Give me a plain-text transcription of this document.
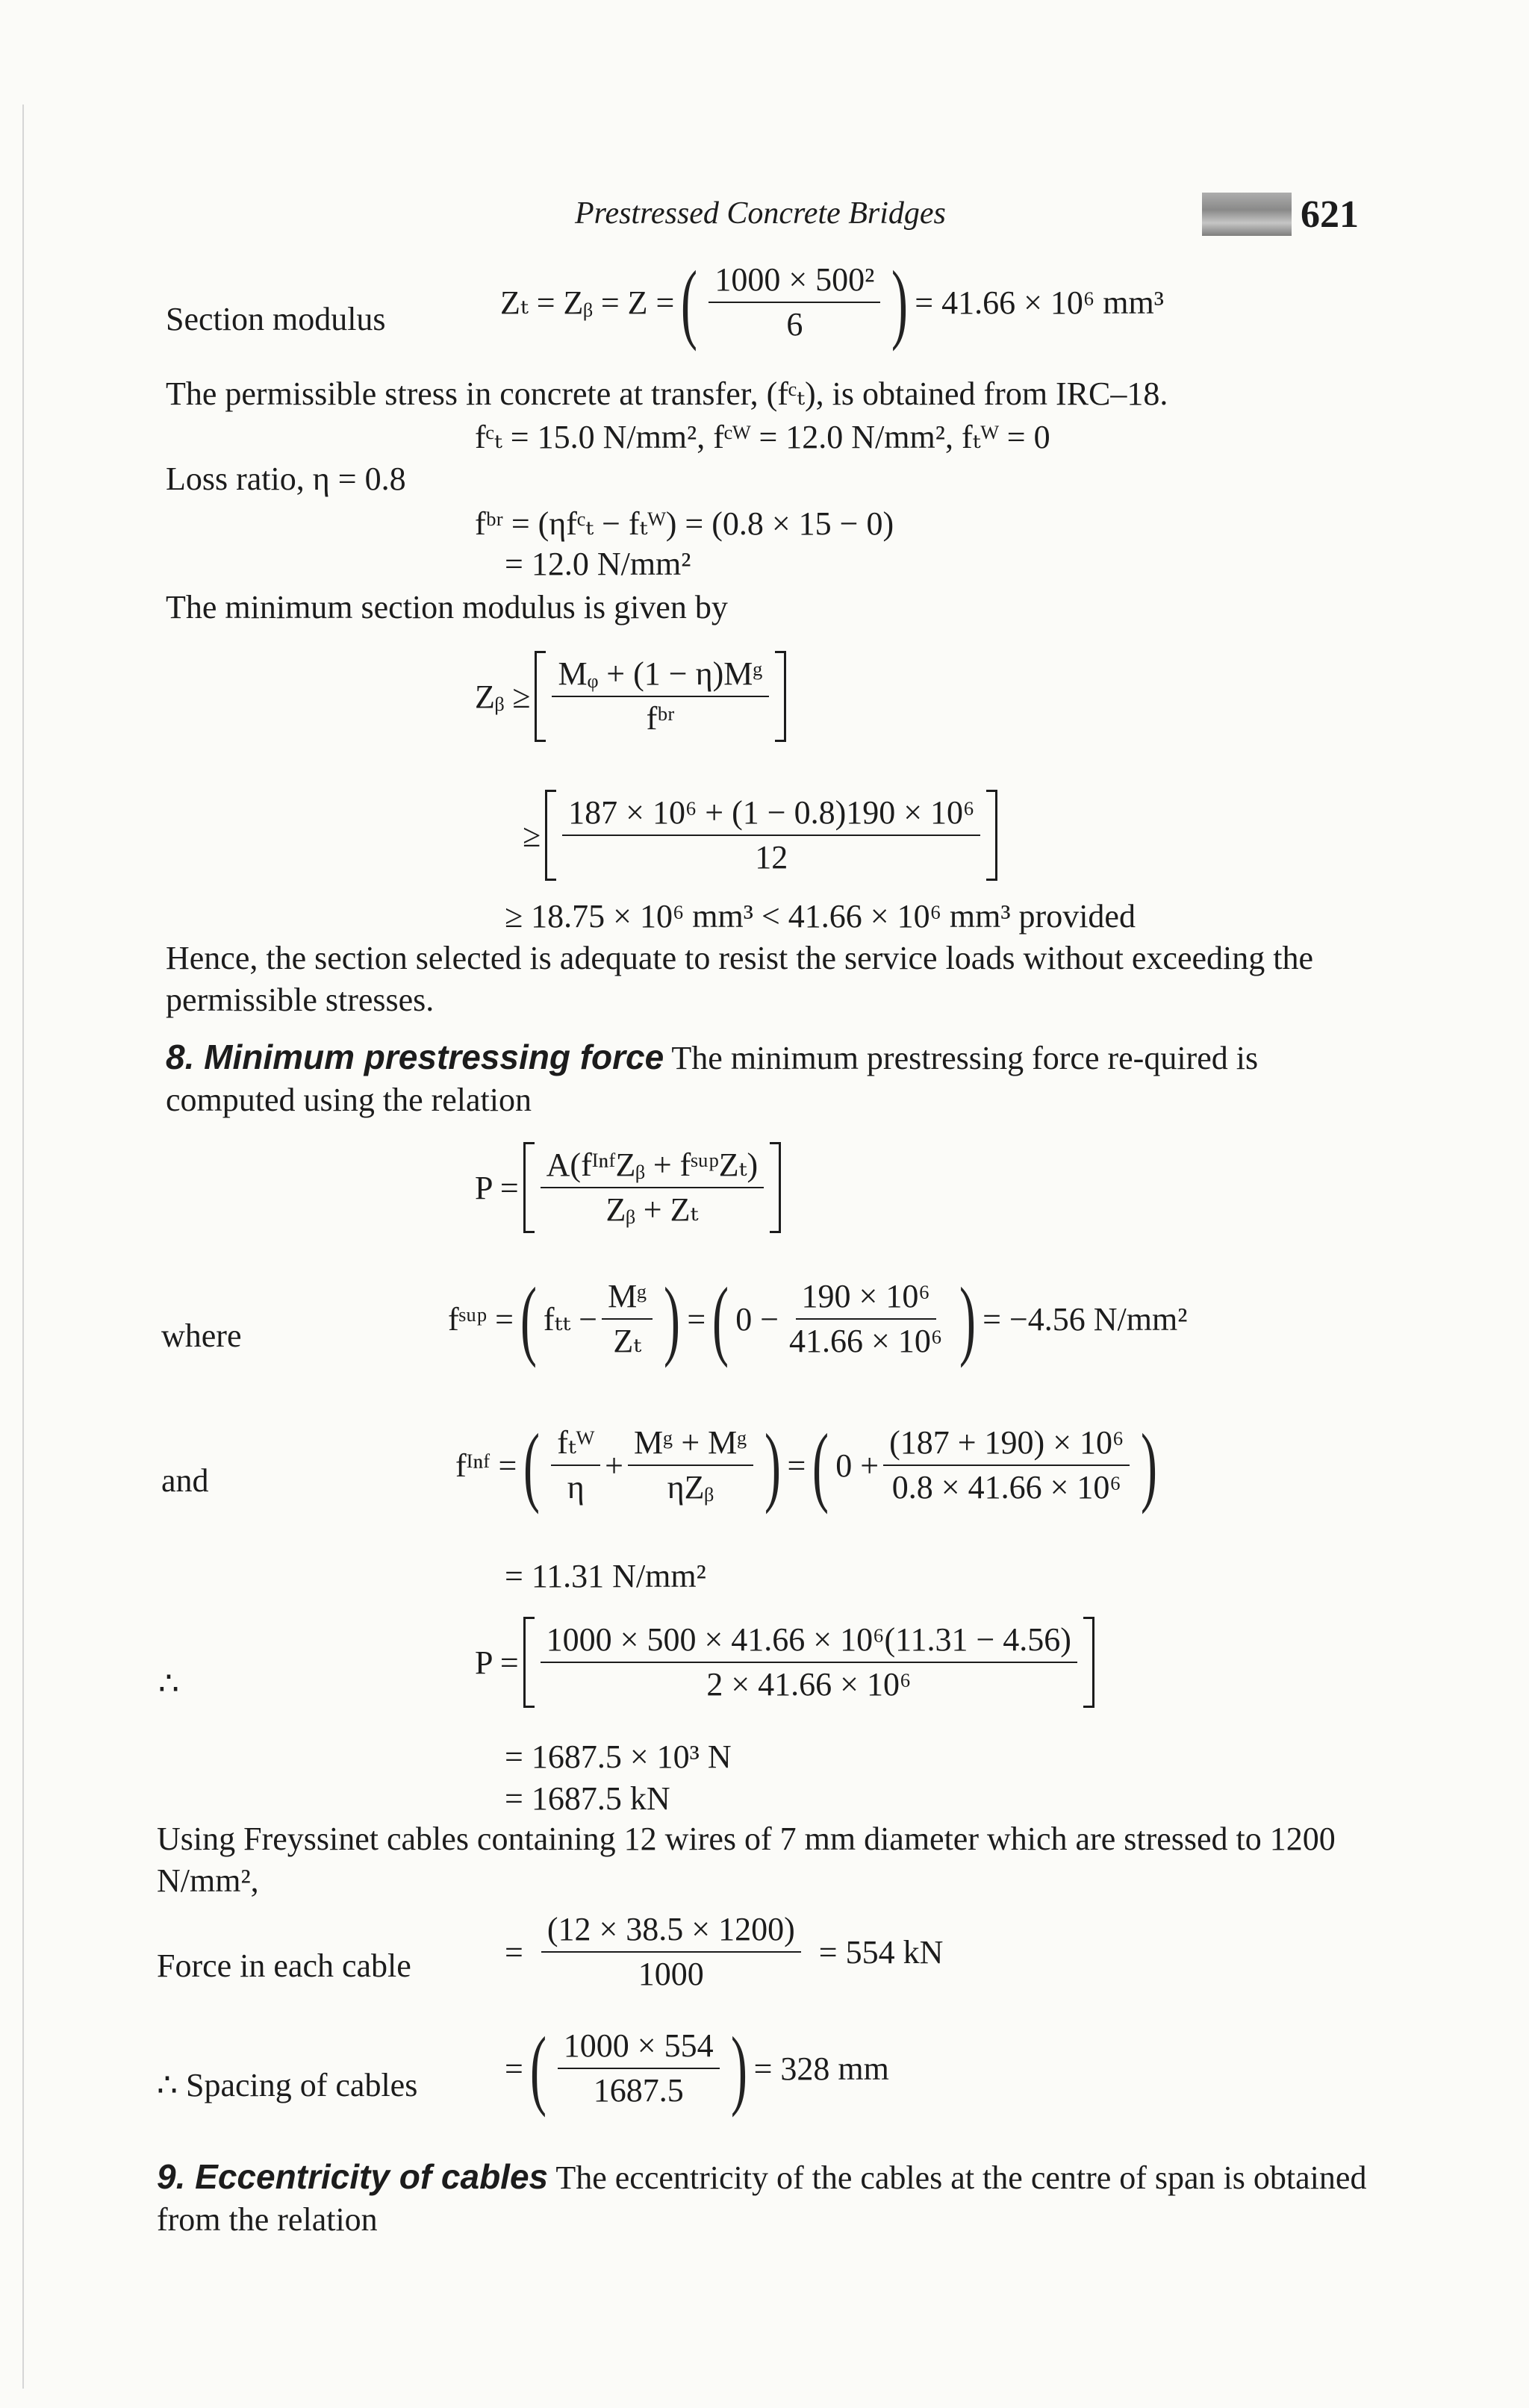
Prestressed Concrete Bridges	621
Section modulus	Zₜ = Zᵦ = Z = ( $\frac{\text{1000 × 500²}}{6}$ ) = 41.66 × 10⁶ mm³
The permissible stress in concrete at transfer, (fᶜₜ), is obtained from IRC–18.
fᶜₜ = 15.0 N/mm², fᶜᵂ = 12.0 N/mm², fₜᵂ = 0
Loss ratio, η = 0.8
fᵇʳ = (ηfᶜₜ − fₜᵂ) = (0.8 × 15 − 0)
= 12.0 N/mm²
The minimum section modulus is given by
Zᵦ ≥ $\frac{\text{Mᵩ + (1 − η)Mᵍ}}{\text{fᵇʳ}}$
≥ $\frac{\text{187 × 10⁶ + (1 − 0.8)190 × 10⁶}}{12}$
≥ 18.75 × 10⁶ mm³ < 41.66 × 10⁶ mm³ provided
Hence, the section selected is adequate to resist the service loads without exceeding the permissible stresses.
8. Minimum prestressing force The minimum prestressing force re-quired is computed using the relation
$P = \frac{\text{A(fᴵⁿᶠZᵦ + fˢᵘᵖZₜ)}}{\text{Zᵦ + Zₜ}}$
where	fˢᵘᵖ = ( $f_{tt} - \frac{\text{Mᵍ}}{\text{Zₜ}}$ ) = ( $0 - \frac{\text{190 × 10⁶}}{\text{41.66 × 10⁶}}$ ) = −4.56 N/mm²
and	fᴵⁿᶠ = ( $\frac{\text{fₜᵂ}}{\eta} + \frac{\text{Mᵍ + Mᵍ}}{\text{ηZᵦ}}$ ) = ( $0 + \frac{\text{(187 + 190) × 10⁶}}{\text{0.8 × 41.66 × 10⁶}}$ )
= 11.31 N/mm²
∴
$P = \frac{\text{1000 × 500 × 41.66 × 10⁶(11.31 − 4.56)}}{\text{2 × 41.66 × 10⁶}}$
= 1687.5 × 10³ N
= 1687.5 kN
Using Freyssinet cables containing 12 wires of 7 mm diameter which are stressed to 1200 N/mm²,
Force in each cable	= $\frac{(12 \times 38.5 \times 1200)}{1000} = 554$ kN
∴ Spacing of cables	= ( $\frac{1000 \times 554}{1687.5}$ ) = 328 mm
9. Eccentricity of cables The eccentricity of the cables at the centre of span is obtained from the relation
